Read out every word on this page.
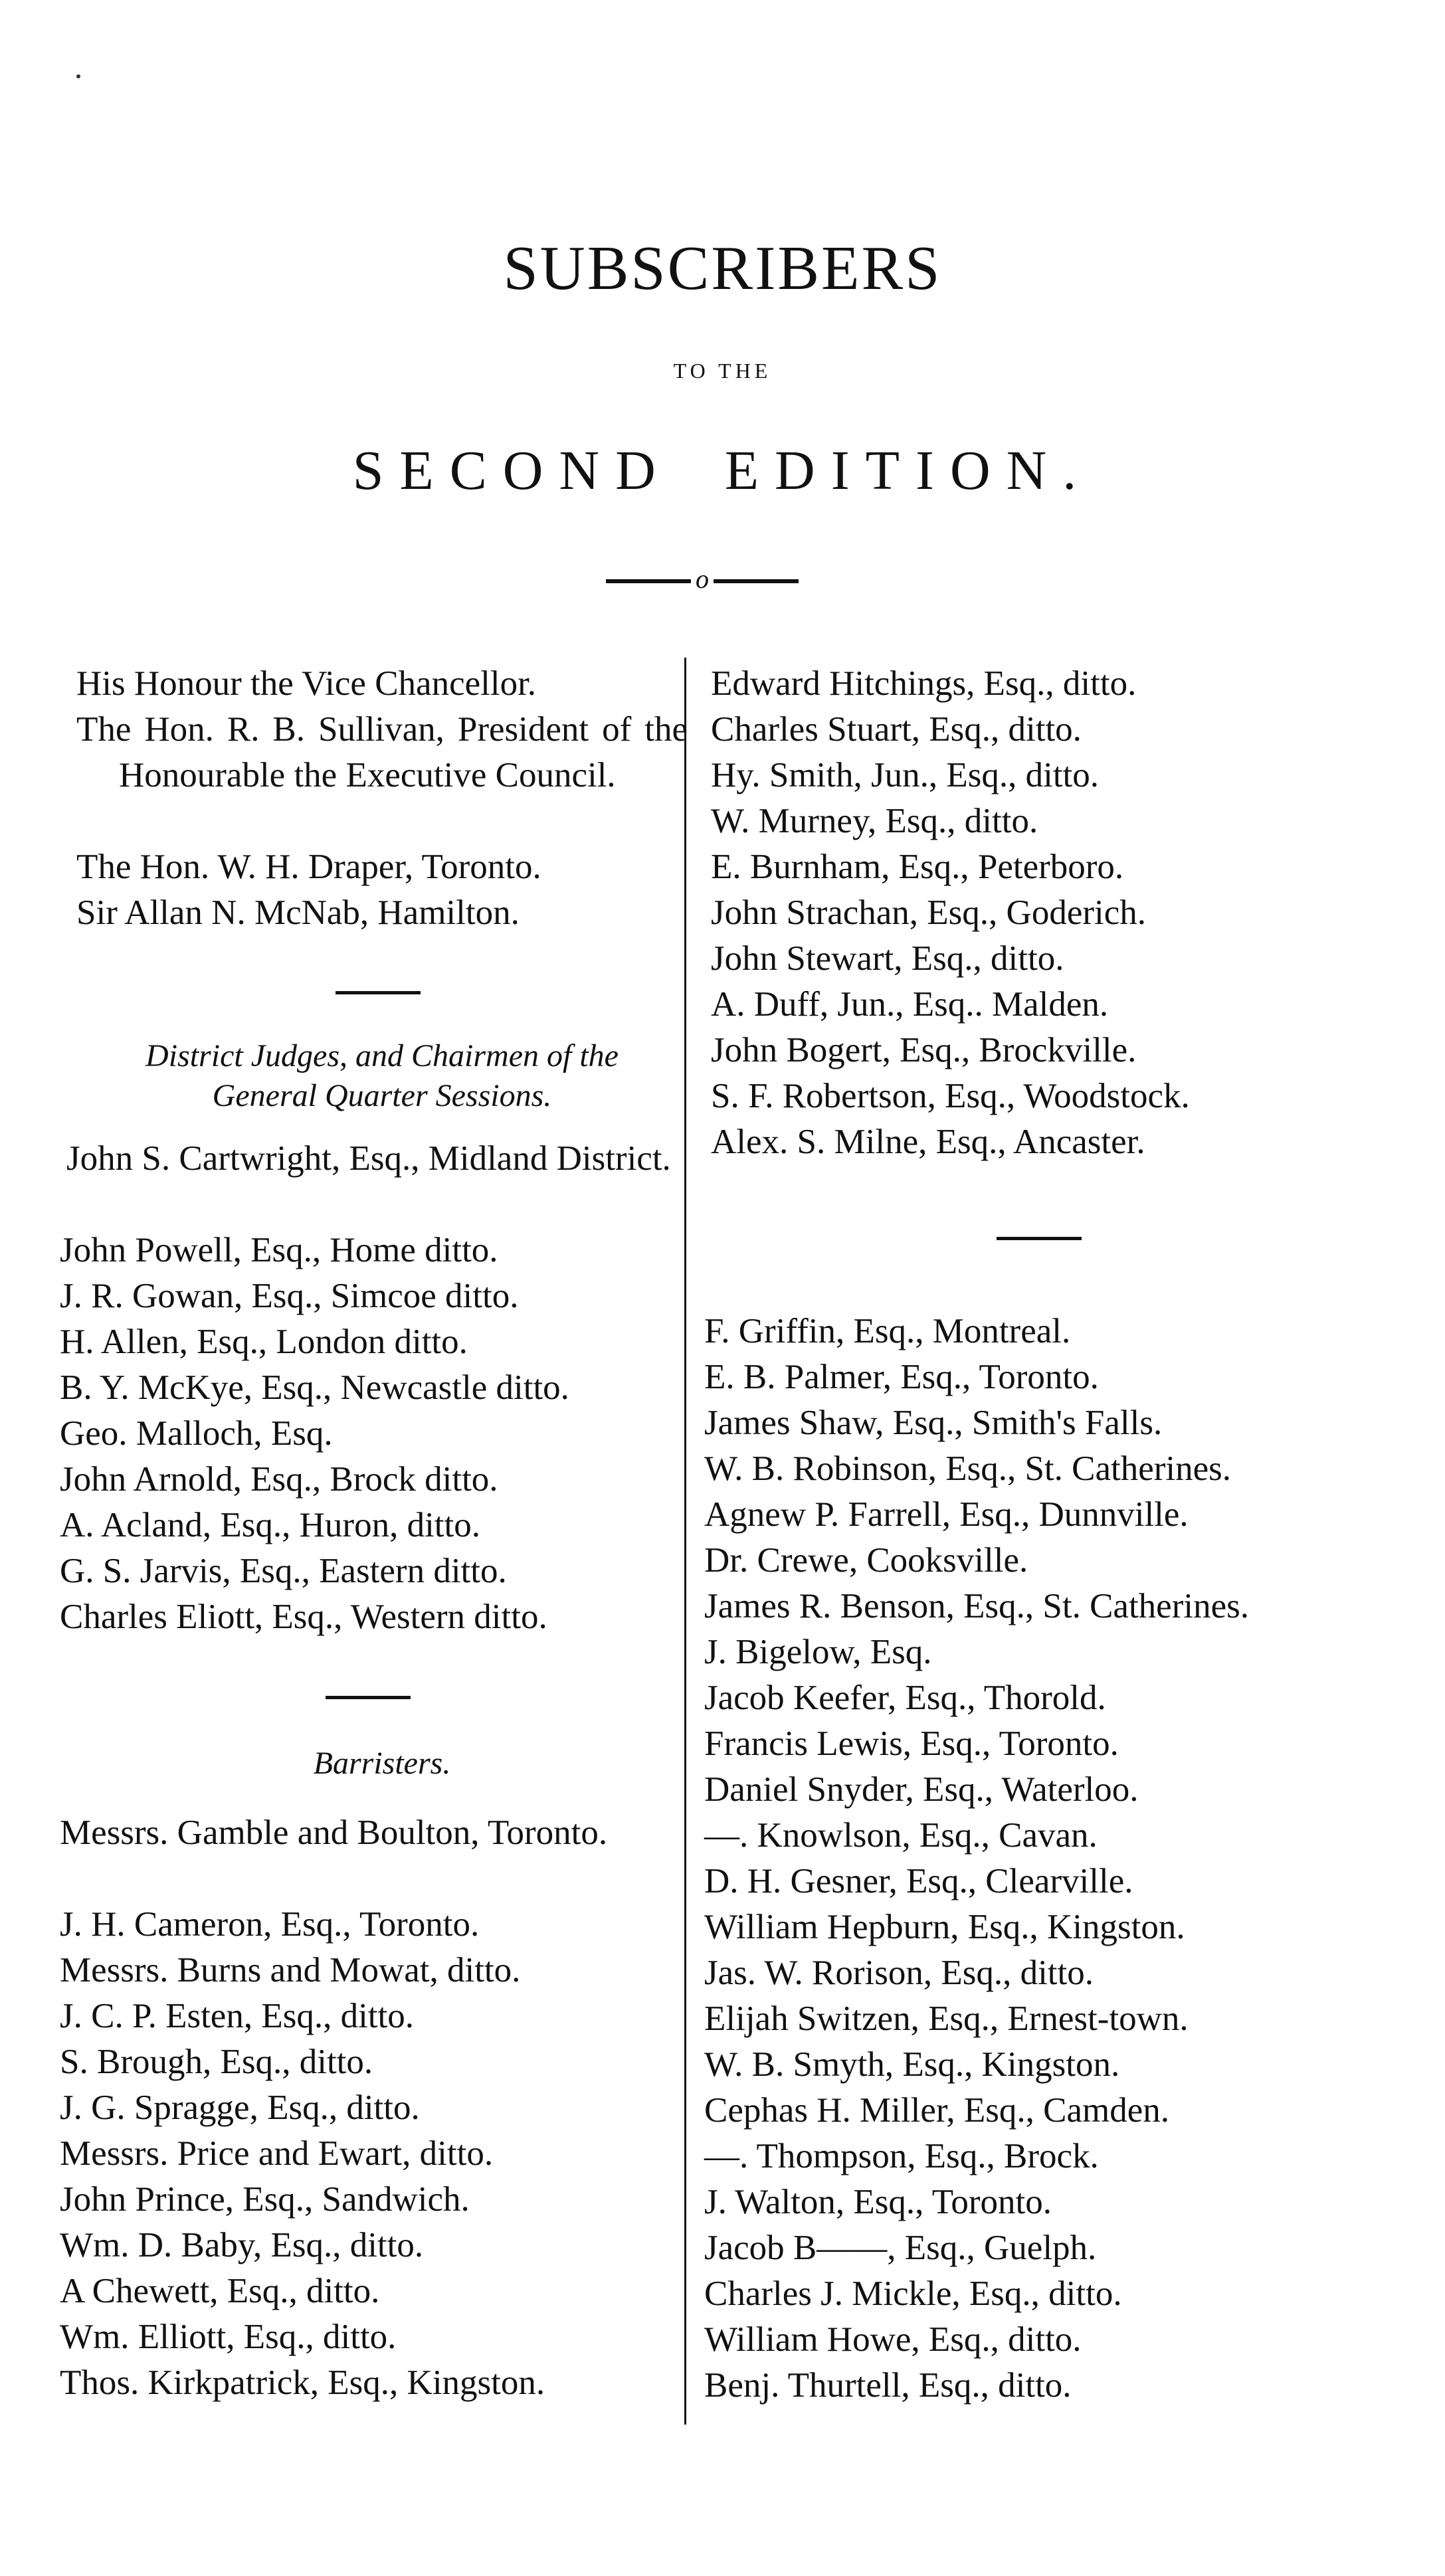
SUBSCRIBERS
TO THE
SECOND EDITION.
o
His Honour the Vice Chancellor.
The Hon. R. B. Sullivan, President of the Honourable the Executive Council.
The Hon. W. H. Draper, Toronto.
Sir Allan N. McNab, Hamilton.
District Judges, and Chairmen of the
General Quarter Sessions.
John S. Cartwright, Esq., Midland District.
John Powell, Esq., Home ditto.
J. R. Gowan, Esq., Simcoe ditto.
H. Allen, Esq., London ditto.
B. Y. McKye, Esq., Newcastle ditto.
Geo. Malloch, Esq.
John Arnold, Esq., Brock ditto.
A. Acland, Esq., Huron, ditto.
G. S. Jarvis, Esq., Eastern ditto.
Charles Eliott, Esq., Western ditto.
Barristers.
Messrs. Gamble and Boulton, Toronto.
J. H. Cameron, Esq., Toronto.
Messrs. Burns and Mowat, ditto.
J. C. P. Esten, Esq., ditto.
S. Brough, Esq., ditto.
J. G. Spragge, Esq., ditto.
Messrs. Price and Ewart, ditto.
John Prince, Esq., Sandwich.
Wm. D. Baby, Esq., ditto.
A Chewett, Esq., ditto.
Wm. Elliott, Esq., ditto.
Thos. Kirkpatrick, Esq., Kingston.
Edward Hitchings, Esq., ditto.
Charles Stuart, Esq., ditto.
Hy. Smith, Jun., Esq., ditto.
W. Murney, Esq., ditto.
E. Burnham, Esq., Peterboro.
John Strachan, Esq., Goderich.
John Stewart, Esq., ditto.
A. Duff, Jun., Esq.. Malden.
John Bogert, Esq., Brockville.
S. F. Robertson, Esq., Woodstock.
Alex. S. Milne, Esq., Ancaster.
F. Griffin, Esq., Montreal.
E. B. Palmer, Esq., Toronto.
James Shaw, Esq., Smith's Falls.
W. B. Robinson, Esq., St. Catherines.
Agnew P. Farrell, Esq., Dunnville.
Dr. Crewe, Cooksville.
James R. Benson, Esq., St. Catherines.
J. Bigelow, Esq.
Jacob Keefer, Esq., Thorold.
Francis Lewis, Esq., Toronto.
Daniel Snyder, Esq., Waterloo.
—. Knowlson, Esq., Cavan.
D. H. Gesner, Esq., Clearville.
William Hepburn, Esq., Kingston.
Jas. W. Rorison, Esq., ditto.
Elijah Switzen, Esq., Ernest-town.
W. B. Smyth, Esq., Kingston.
Cephas H. Miller, Esq., Camden.
—. Thompson, Esq., Brock.
J. Walton, Esq., Toronto.
Jacob B——, Esq., Guelph.
Charles J. Mickle, Esq., ditto.
William Howe, Esq., ditto.
Benj. Thurtell, Esq., ditto.
